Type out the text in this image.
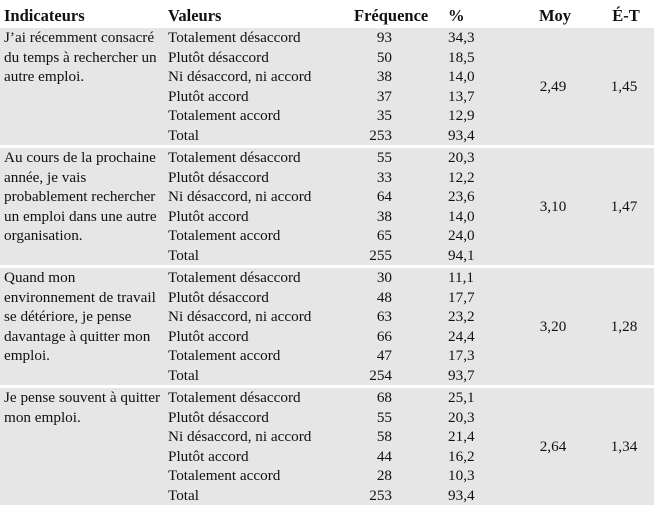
Indicateurs	Valeurs	Fréquence	%	Moy	É-T
J’ai récemment consacré du temps à rechercher un autre emploi.	Totalement désaccord	93	34,3	2,49	1,45
	Plutôt désaccord	50	18,5		
	Ni désaccord, ni accord	38	14,0		
	Plutôt accord	37	13,7		
	Totalement accord	35	12,9		
	Total	253	93,4		
Au cours de la prochaine année, je vais probablement rechercher un emploi dans une autre organisation.	Totalement désaccord	55	20,3	3,10	1,47
	Plutôt désaccord	33	12,2		
	Ni désaccord, ni accord	64	23,6		
	Plutôt accord	38	14,0		
	Totalement accord	65	24,0		
	Total	255	94,1		
Quand mon environnement de travail se détériore, je pense davantage à quitter mon emploi.	Totalement désaccord	30	11,1	3,20	1,28
	Plutôt désaccord	48	17,7		
	Ni désaccord, ni accord	63	23,2		
	Plutôt accord	66	24,4		
	Totalement accord	47	17,3		
	Total	254	93,7		
Je pense souvent à quitter mon emploi.	Totalement désaccord	68	25,1	2,64	1,34
	Plutôt désaccord	55	20,3		
	Ni désaccord, ni accord	58	21,4		
	Plutôt accord	44	16,2		
	Totalement accord	28	10,3		
	Total	253	93,4		
